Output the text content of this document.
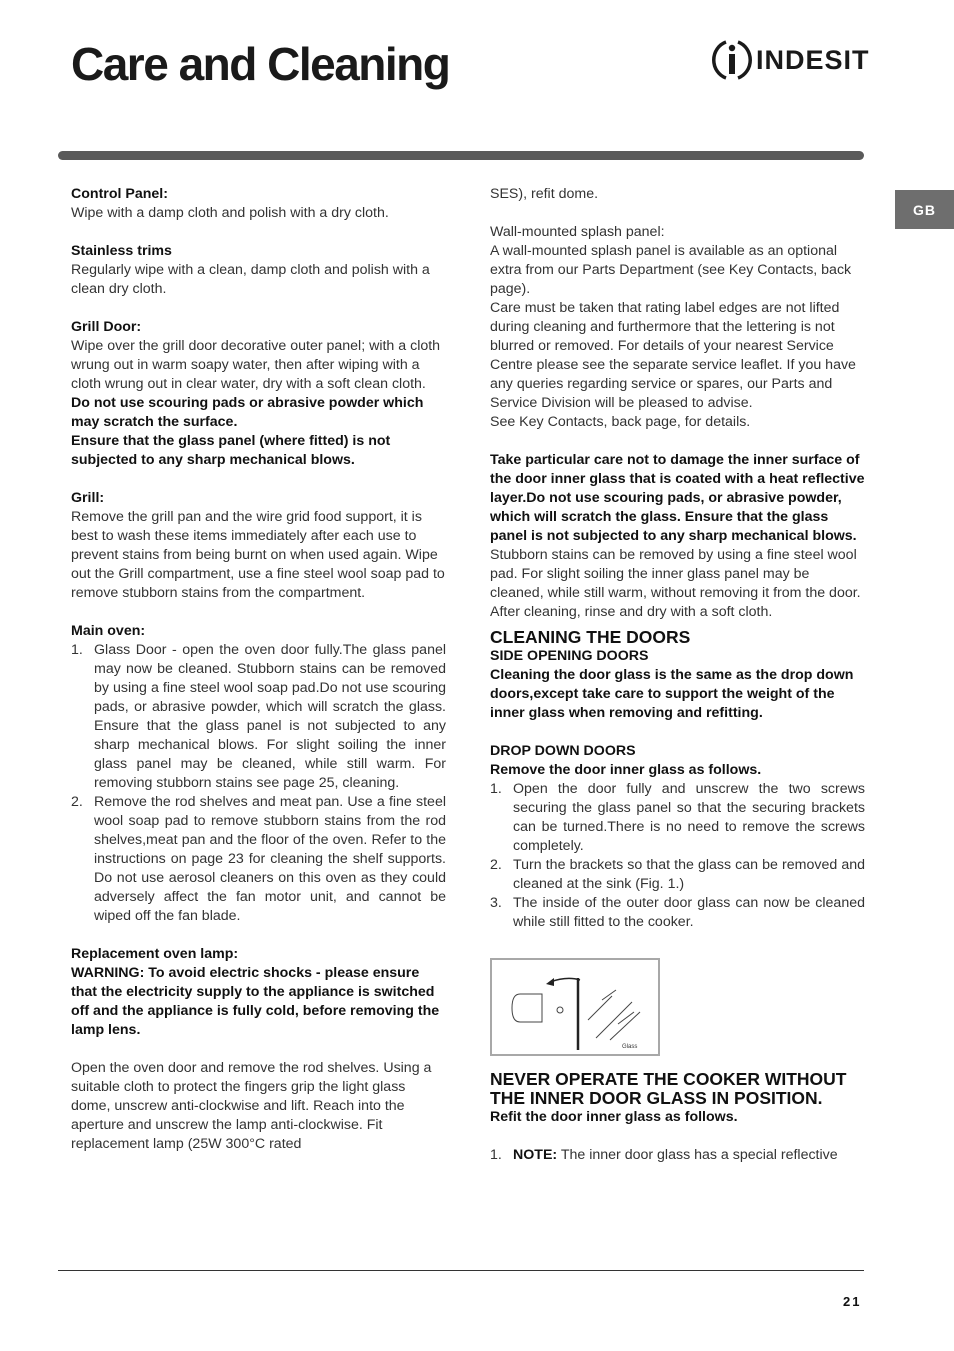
Care and Cleaning	INDESIT
GB

Control Panel:

Wipe with a damp cloth and polish with a dry cloth.

Stainless trims

Regularly wipe with a clean, damp cloth and polish with a clean dry cloth.

Grill Door:

Wipe over the grill door decorative outer panel; with a cloth wrung out in warm soapy water, then after wiping with a cloth wrung out in clear water, dry with a soft clean cloth.

Do not use scouring pads or abrasive powder which may scratch the surface.

Ensure that the glass panel (where fitted) is not subjected to any sharp mechanical blows.

Grill:

Remove the grill pan and the wire grid food support, it is best to wash these items immediately after each use to prevent stains from being burnt on when used again. Wipe out the Grill compartment, use a fine steel wool soap pad to remove stubborn stains from the compartment.

Main oven:

1. Glass Door - open the oven door fully.The glass panel may now be cleaned. Stubborn stains can be removed by using a fine steel wool soap pad.Do not use scouring pads, or abrasive powder, which will scratch the glass. Ensure that the glass panel is not subjected to any sharp mechanical blows. For slight soiling the inner glass panel may be cleaned, while still warm. For removing stubborn stains see page 25, cleaning.
2. Remove the rod shelves and meat pan. Use a fine steel wool soap pad to remove stubborn stains from the rod shelves,meat pan and the floor of the oven. Refer to the instructions on page 23 for cleaning the shelf supports. Do not use aerosol cleaners on this oven as they could adversely affect the fan motor unit, and cannot be wiped off the fan blade.

Replacement oven lamp:

WARNING: To avoid electric shocks - please ensure that the electricity supply to the appliance is switched off and the appliance is fully cold, before removing the lamp lens.

Open the oven door and remove the rod shelves. Using a suitable cloth to protect the fingers grip the light glass dome, unscrew anti-clockwise and lift. Reach into the aperture and unscrew the lamp anti-clockwise. Fit replacement lamp (25W 300°C rated

SES), refit dome.

Wall-mounted splash panel:

A wall-mounted splash panel is available as an optional extra from our Parts Department (see Key Contacts, back page).

Care must be taken that rating label edges are not lifted during cleaning and furthermore that the lettering is not blurred or removed. For details of your nearest Service Centre please see the separate service leaflet. If you have any queries regarding service or spares, our Parts and Service Division will be pleased to advise.

See Key Contacts, back page, for details.

Take particular care not to damage the inner surface of the door inner glass that is coated with a heat reflective layer.Do not use scouring pads, or abrasive powder, which will scratch the glass. Ensure that the glass panel is not subjected to any sharp mechanical blows.

Stubborn stains can be removed by using a fine steel wool pad. For slight soiling the inner glass panel may be cleaned, while still warm, without removing it from the door. After cleaning, rinse and dry with a soft cloth.

CLEANING THE DOORS

SIDE OPENING DOORS

Cleaning the door glass is the same as the drop down doors,except take care to support the weight of the inner glass when removing and refitting.

DROP DOWN DOORS

Remove the door inner glass as follows.

1. Open the door fully and unscrew the two screws securing the glass panel so that the securing brackets can be turned.There is no need to remove the screws completely.
2. Turn the brackets so that the glass can be removed and cleaned at the sink (Fig. 1.)
3. The inside of the outer door glass can now be cleaned while still fitted to the cooker.
Glass

NEVER OPERATE THE COOKER WITHOUT THE INNER DOOR GLASS IN POSITION.

Refit the door inner glass as follows.

1. NOTE: The inner door glass has a special reflective
21
